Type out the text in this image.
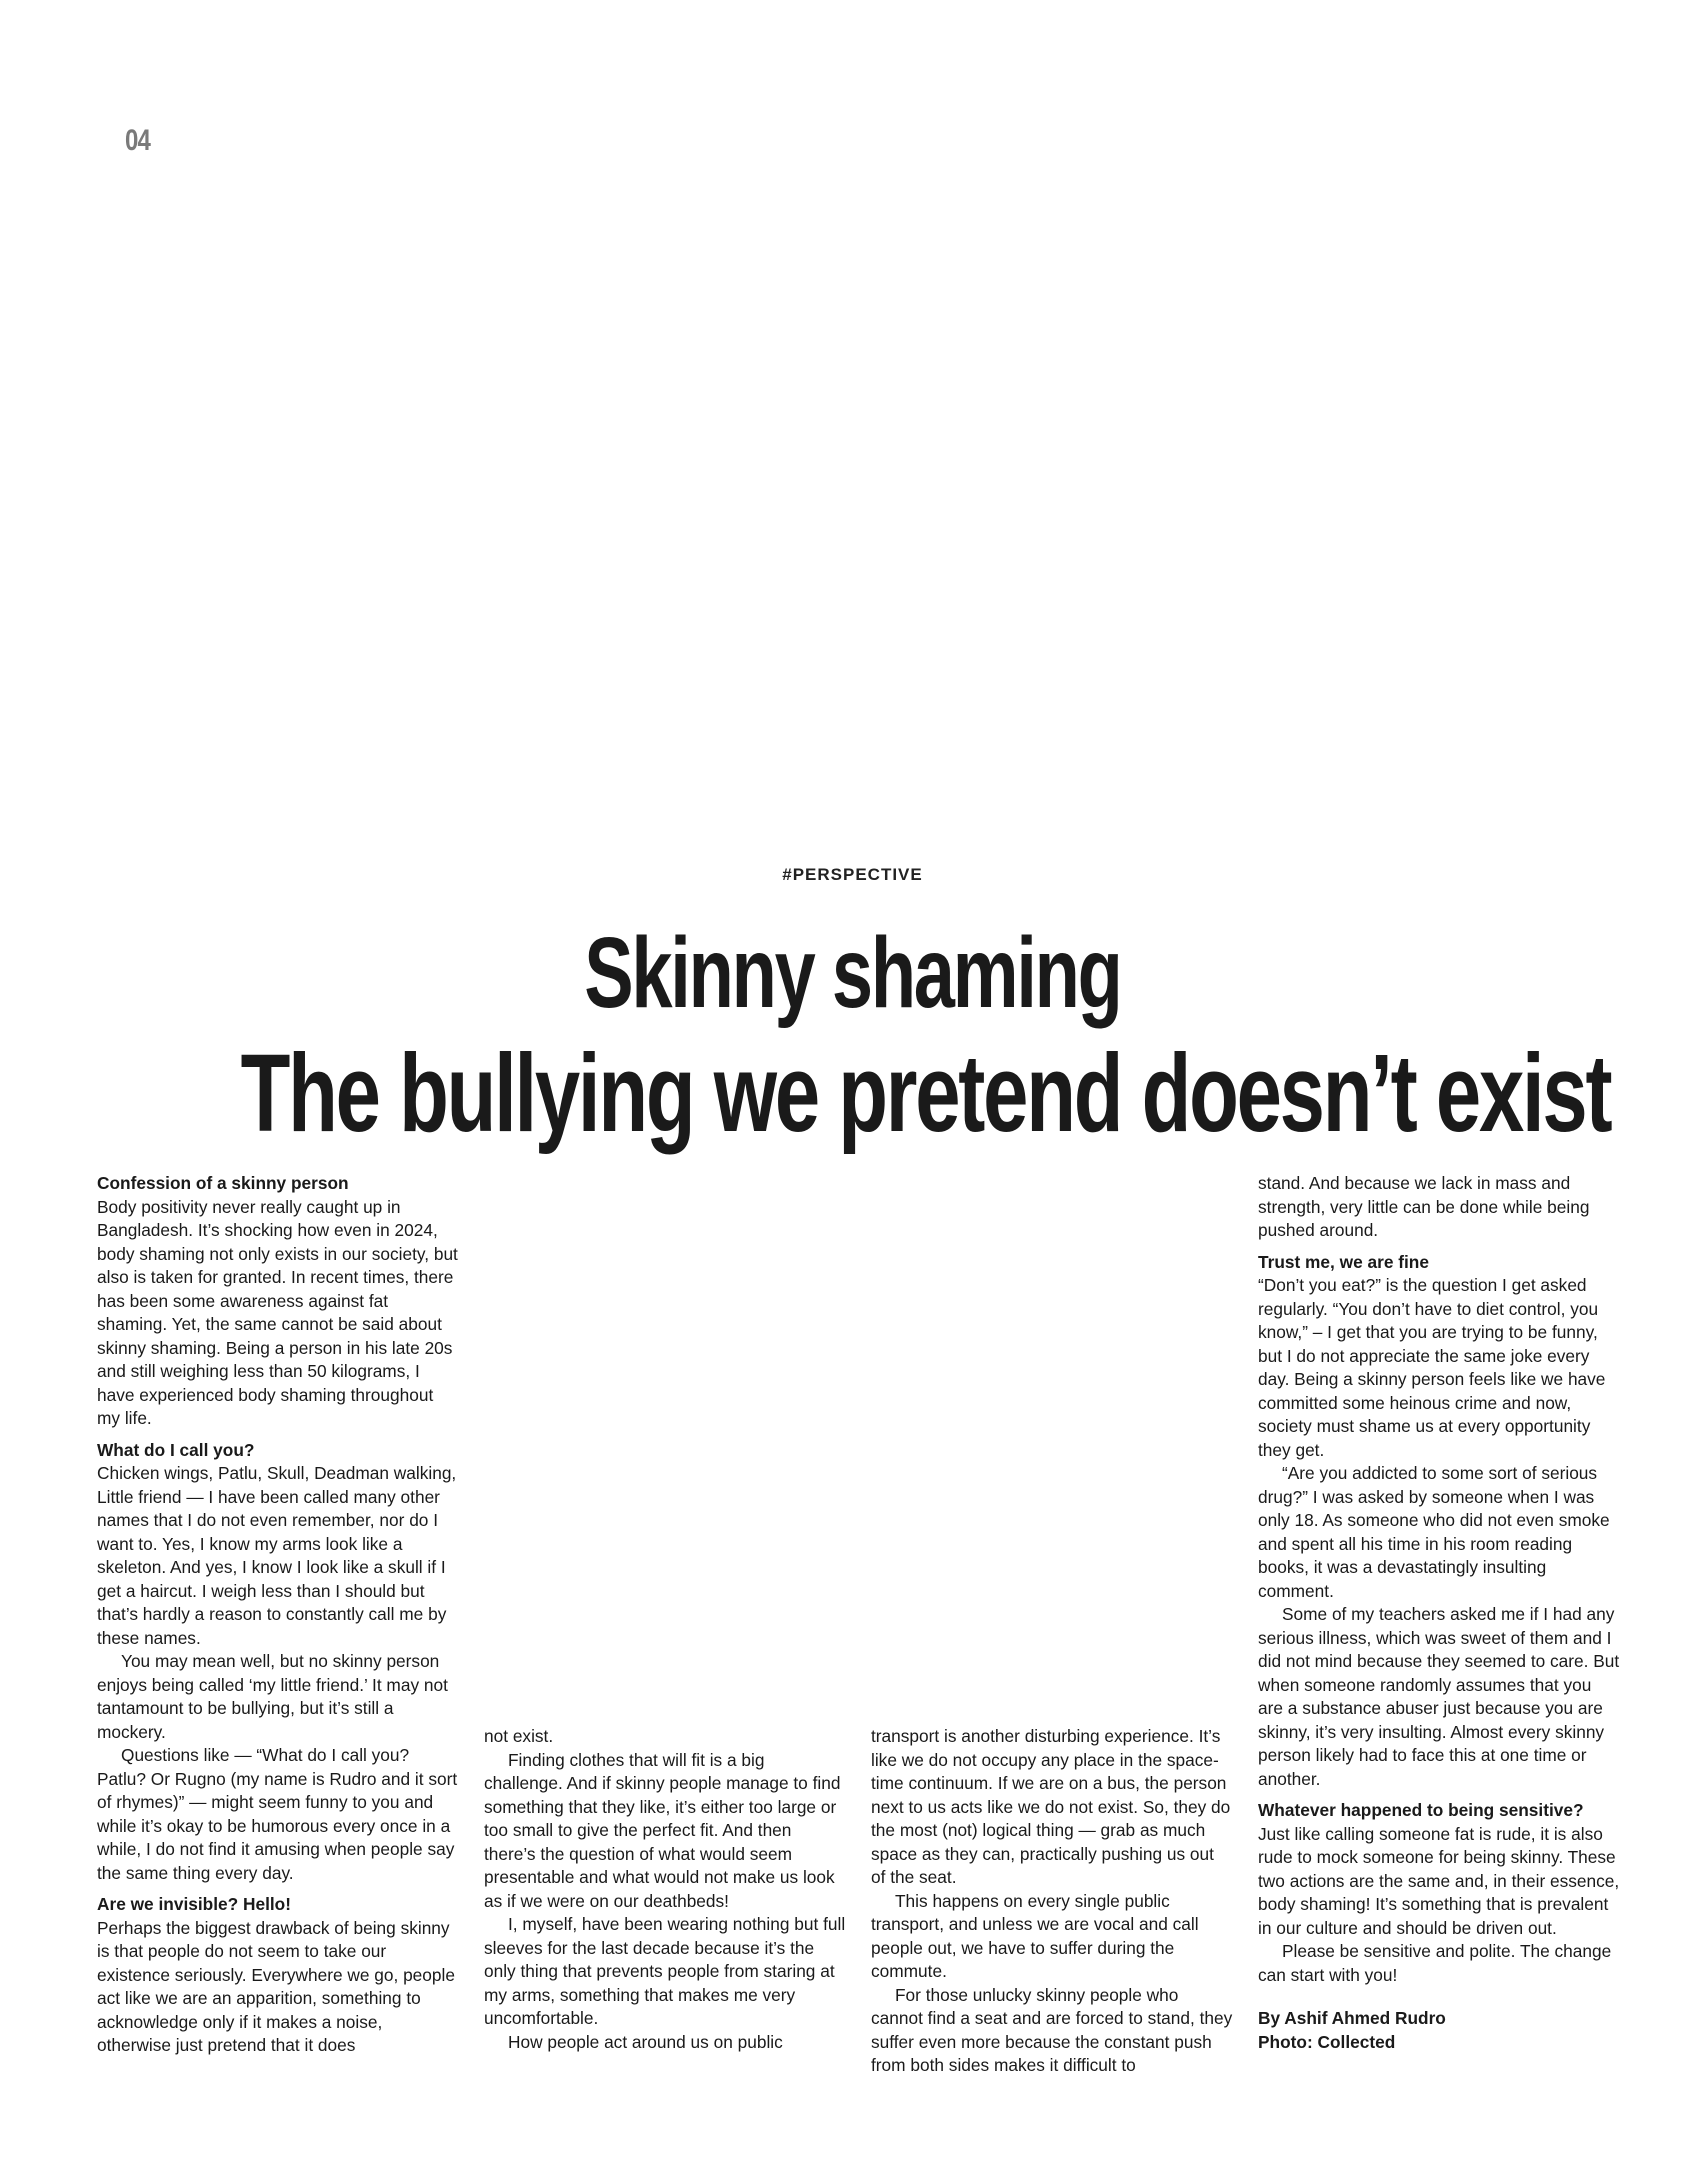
04
#PERSPECTIVE
Skinny shaming
The bullying we pretend doesn’t exist
Confession of a skinny person

Body positivity never really caught up in Bangladesh. It’s shocking how even in 2024, body shaming not only exists in our society, but also is taken for granted. In recent times, there has been some awareness against fat shaming. Yet, the same cannot be said about skinny shaming. Being a person in his late 20s and still weighing less than 50 kilograms, I have experienced body shaming throughout my life.

What do I call you?

Chicken wings, Patlu, Skull, Deadman walking, Little friend — I have been called many other names that I do not even remember, nor do I want to. Yes, I know my arms look like a skeleton. And yes, I know I look like a skull if I get a haircut. I weigh less than I should but that’s hardly a reason to constantly call me by these names.

You may mean well, but no skinny person enjoys being called ‘my little friend.’ It may not tantamount to be bullying, but it’s still a mockery.

Questions like — “What do I call you? Patlu? Or Rugno (my name is Rudro and it sort of rhymes)” — might seem funny to you and while it’s okay to be humorous every once in a while, I do not find it amusing when people say the same thing every day.

Are we invisible? Hello!

Perhaps the biggest drawback of being skinny is that people do not seem to take our existence seriously. Everywhere we go, people act like we are an apparition, something to acknowledge only if it makes a noise, otherwise just pretend that it does

not exist.

Finding clothes that will fit is a big challenge. And if skinny people manage to find something that they like, it’s either too large or too small to give the perfect fit. And then there’s the question of what would seem presentable and what would not make us look as if we were on our deathbeds!

I, myself, have been wearing nothing but full sleeves for the last decade because it’s the only thing that prevents people from staring at my arms, something that makes me very uncomfortable.

How people act around us on public

transport is another disturbing experience. It’s like we do not occupy any place in the space-time continuum. If we are on a bus, the person next to us acts like we do not exist. So, they do the most (not) logical thing — grab as much space as they can, practically pushing us out of the seat.

This happens on every single public transport, and unless we are vocal and call people out, we have to suffer during the commute.

For those unlucky skinny people who cannot find a seat and are forced to stand, they suffer even more because the constant push from both sides makes it difficult to

stand. And because we lack in mass and strength, very little can be done while being pushed around.

Trust me, we are fine

“Don’t you eat?” is the question I get asked regularly. “You don’t have to diet control, you know,” – I get that you are trying to be funny, but I do not appreciate the same joke every day. Being a skinny person feels like we have committed some heinous crime and now, society must shame us at every opportunity they get.

“Are you addicted to some sort of serious drug?” I was asked by someone when I was only 18. As someone who did not even smoke and spent all his time in his room reading books, it was a devastatingly insulting comment.

Some of my teachers asked me if I had any serious illness, which was sweet of them and I did not mind because they seemed to care. But when someone randomly assumes that you are a substance abuser just because you are skinny, it’s very insulting. Almost every skinny person likely had to face this at one time or another.

Whatever happened to being sensitive?

Just like calling someone fat is rude, it is also rude to mock someone for being skinny. These two actions are the same and, in their essence, body shaming! It’s something that is prevalent in our culture and should be driven out.

Please be sensitive and polite. The change can start with you!

By Ashif Ahmed Rudro
Photo: Collected
